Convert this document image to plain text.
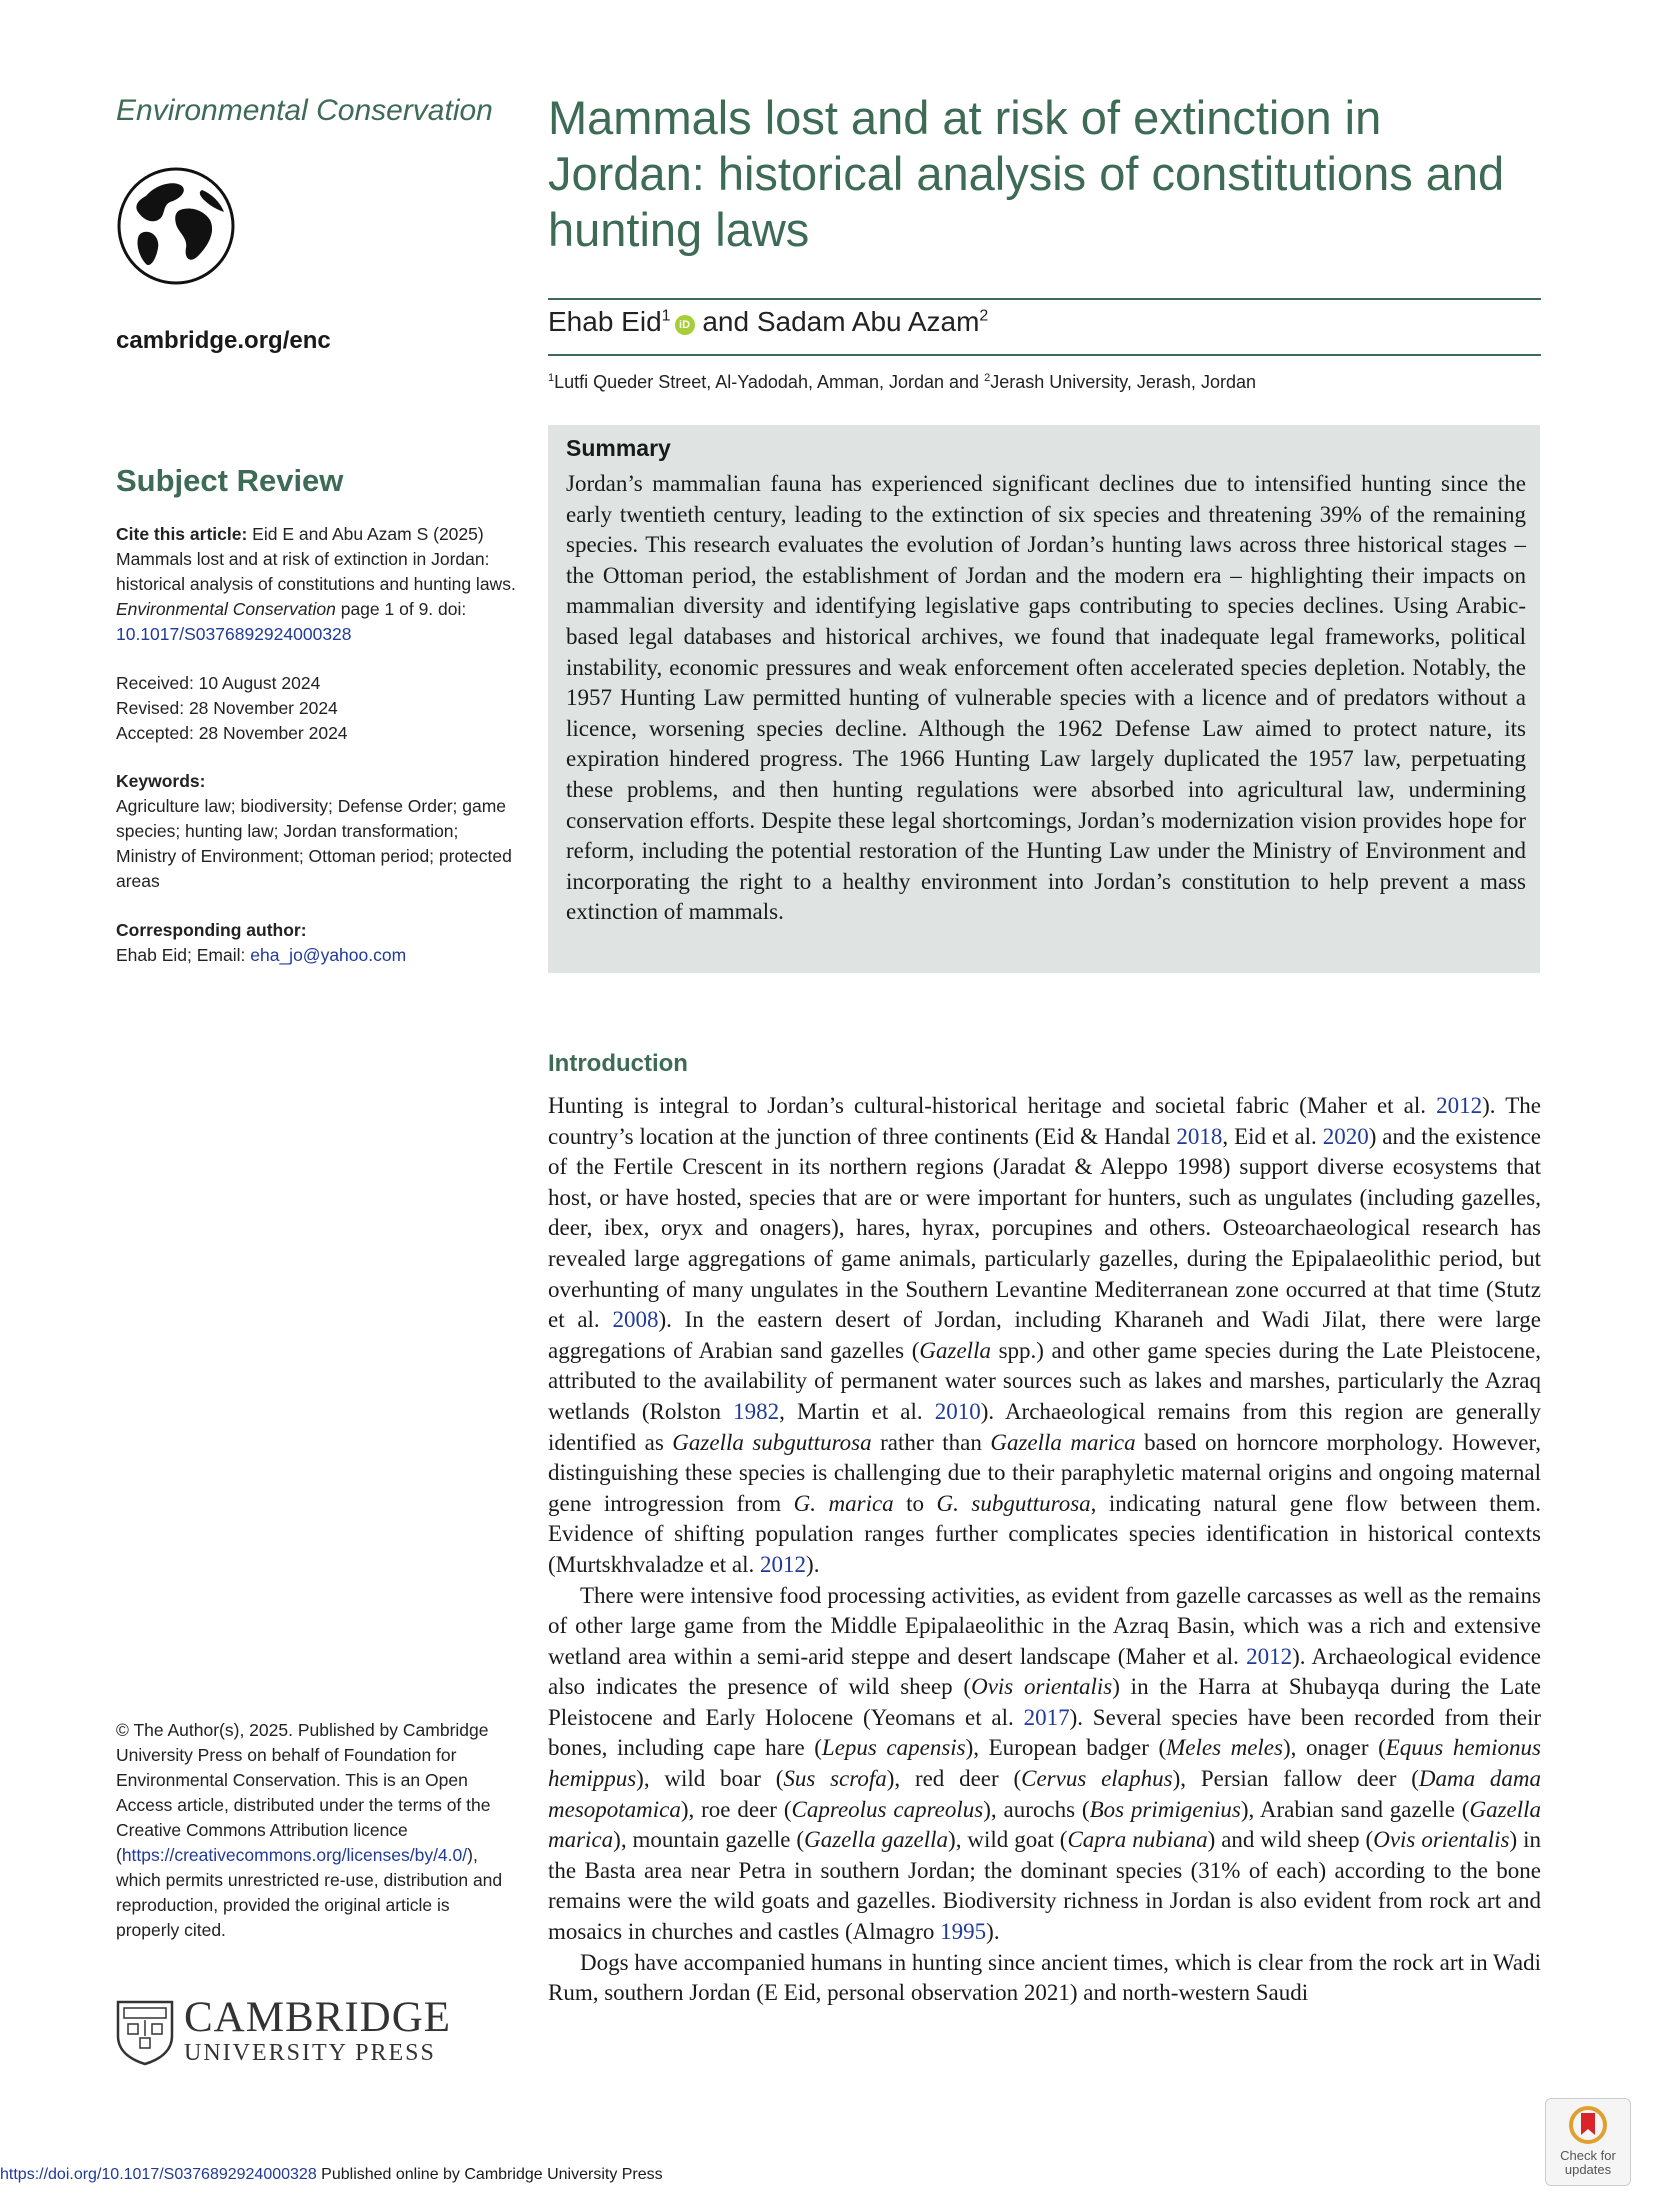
Environmental Conservation
cambridge.org/enc
Subject Review
Cite this article: Eid E and Abu Azam S (2025) Mammals lost and at risk of extinction in Jordan: historical analysis of constitutions and hunting laws. Environmental Conservation page 1 of 9. doi: 10.1017/S0376892924000328
Received: 10 August 2024
Revised: 28 November 2024
Accepted: 28 November 2024
Keywords:
Agriculture law; biodiversity; Defense Order; game species; hunting law; Jordan transformation; Ministry of Environment; Ottoman period; protected areas
Corresponding author:
Ehab Eid; Email: eha_jo@yahoo.com
© The Author(s), 2025. Published by Cambridge University Press on behalf of Foundation for Environmental Conservation. This is an Open Access article, distributed under the terms of the Creative Commons Attribution licence (https://creativecommons.org/licenses/by/4.0/), which permits unrestricted re-use, distribution and reproduction, provided the original article is properly cited.
CAMBRIDGE
UNIVERSITY PRESS
Mammals lost and at risk of extinction in Jordan: historical analysis of constitutions and hunting laws
Ehab Eid$^1$iD and Sadam Abu Azam$^2$
$^1$Lutfi Queder Street, Al-Yadodah, Amman, Jordan and $^2$Jerash University, Jerash, Jordan
Summary
Jordan’s mammalian fauna has experienced significant declines due to intensified hunting since the early twentieth century, leading to the extinction of six species and threatening 39% of the remaining species. This research evaluates the evolution of Jordan’s hunting laws across three historical stages – the Ottoman period, the establishment of Jordan and the modern era – highlighting their impacts on mammalian diversity and identifying legislative gaps contributing to species declines. Using Arabic-based legal databases and historical archives, we found that inadequate legal frameworks, political instability, economic pressures and weak enforcement often accelerated species depletion. Notably, the 1957 Hunting Law permitted hunting of vulnerable species with a licence and of predators without a licence, worsening species decline. Although the 1962 Defense Law aimed to protect nature, its expiration hindered progress. The 1966 Hunting Law largely duplicated the 1957 law, perpetuating these problems, and then hunting regulations were absorbed into agricultural law, undermining conservation efforts. Despite these legal shortcomings, Jordan’s modernization vision provides hope for reform, including the potential restoration of the Hunting Law under the Ministry of Environment and incorporating the right to a healthy environment into Jordan’s constitution to help prevent a mass extinction of mammals.
Introduction

Hunting is integral to Jordan’s cultural-historical heritage and societal fabric (Maher et al. 2012). The country’s location at the junction of three continents (Eid & Handal 2018, Eid et al. 2020) and the existence of the Fertile Crescent in its northern regions (Jaradat & Aleppo 1998) support diverse ecosystems that host, or have hosted, species that are or were important for hunters, such as ungulates (including gazelles, deer, ibex, oryx and onagers), hares, hyrax, porcupines and others. Osteoarchaeological research has revealed large aggregations of game animals, particularly gazelles, during the Epipalaeolithic period, but overhunting of many ungulates in the Southern Levantine Mediterranean zone occurred at that time (Stutz et al. 2008). In the eastern desert of Jordan, including Kharaneh and Wadi Jilat, there were large aggregations of Arabian sand gazelles (Gazella spp.) and other game species during the Late Pleistocene, attributed to the availability of permanent water sources such as lakes and marshes, particularly the Azraq wetlands (Rolston 1982, Martin et al. 2010). Archaeological remains from this region are generally identified as Gazella subgutturosa rather than Gazella marica based on horncore morphology. However, distinguishing these species is challenging due to their paraphyletic maternal origins and ongoing maternal gene introgression from G. marica to G. subgutturosa, indicating natural gene flow between them. Evidence of shifting population ranges further complicates species identification in historical contexts (Murtskhvaladze et al. 2012).

There were intensive food processing activities, as evident from gazelle carcasses as well as the remains of other large game from the Middle Epipalaeolithic in the Azraq Basin, which was a rich and extensive wetland area within a semi-arid steppe and desert landscape (Maher et al. 2012). Archaeological evidence also indicates the presence of wild sheep (Ovis orientalis) in the Harra at Shubayqa during the Late Pleistocene and Early Holocene (Yeomans et al. 2017). Several species have been recorded from their bones, including cape hare (Lepus capensis), European badger (Meles meles), onager (Equus hemionus hemippus), wild boar (Sus scrofa), red deer (Cervus elaphus), Persian fallow deer (Dama dama mesopotamica), roe deer (Capreolus capreolus), aurochs (Bos primigenius), Arabian sand gazelle (Gazella marica), mountain gazelle (Gazella gazella), wild goat (Capra nubiana) and wild sheep (Ovis orientalis) in the Basta area near Petra in southern Jordan; the dominant species (31% of each) according to the bone remains were the wild goats and gazelles. Biodiversity richness in Jordan is also evident from rock art and mosaics in churches and castles (Almagro 1995).

Dogs have accompanied humans in hunting since ancient times, which is clear from the rock art in Wadi Rum, southern Jordan (E Eid, personal observation 2021) and north-western Saudi

https://doi.org/10.1017/S0376892924000328 Published online by Cambridge University Press
Check for
updates
